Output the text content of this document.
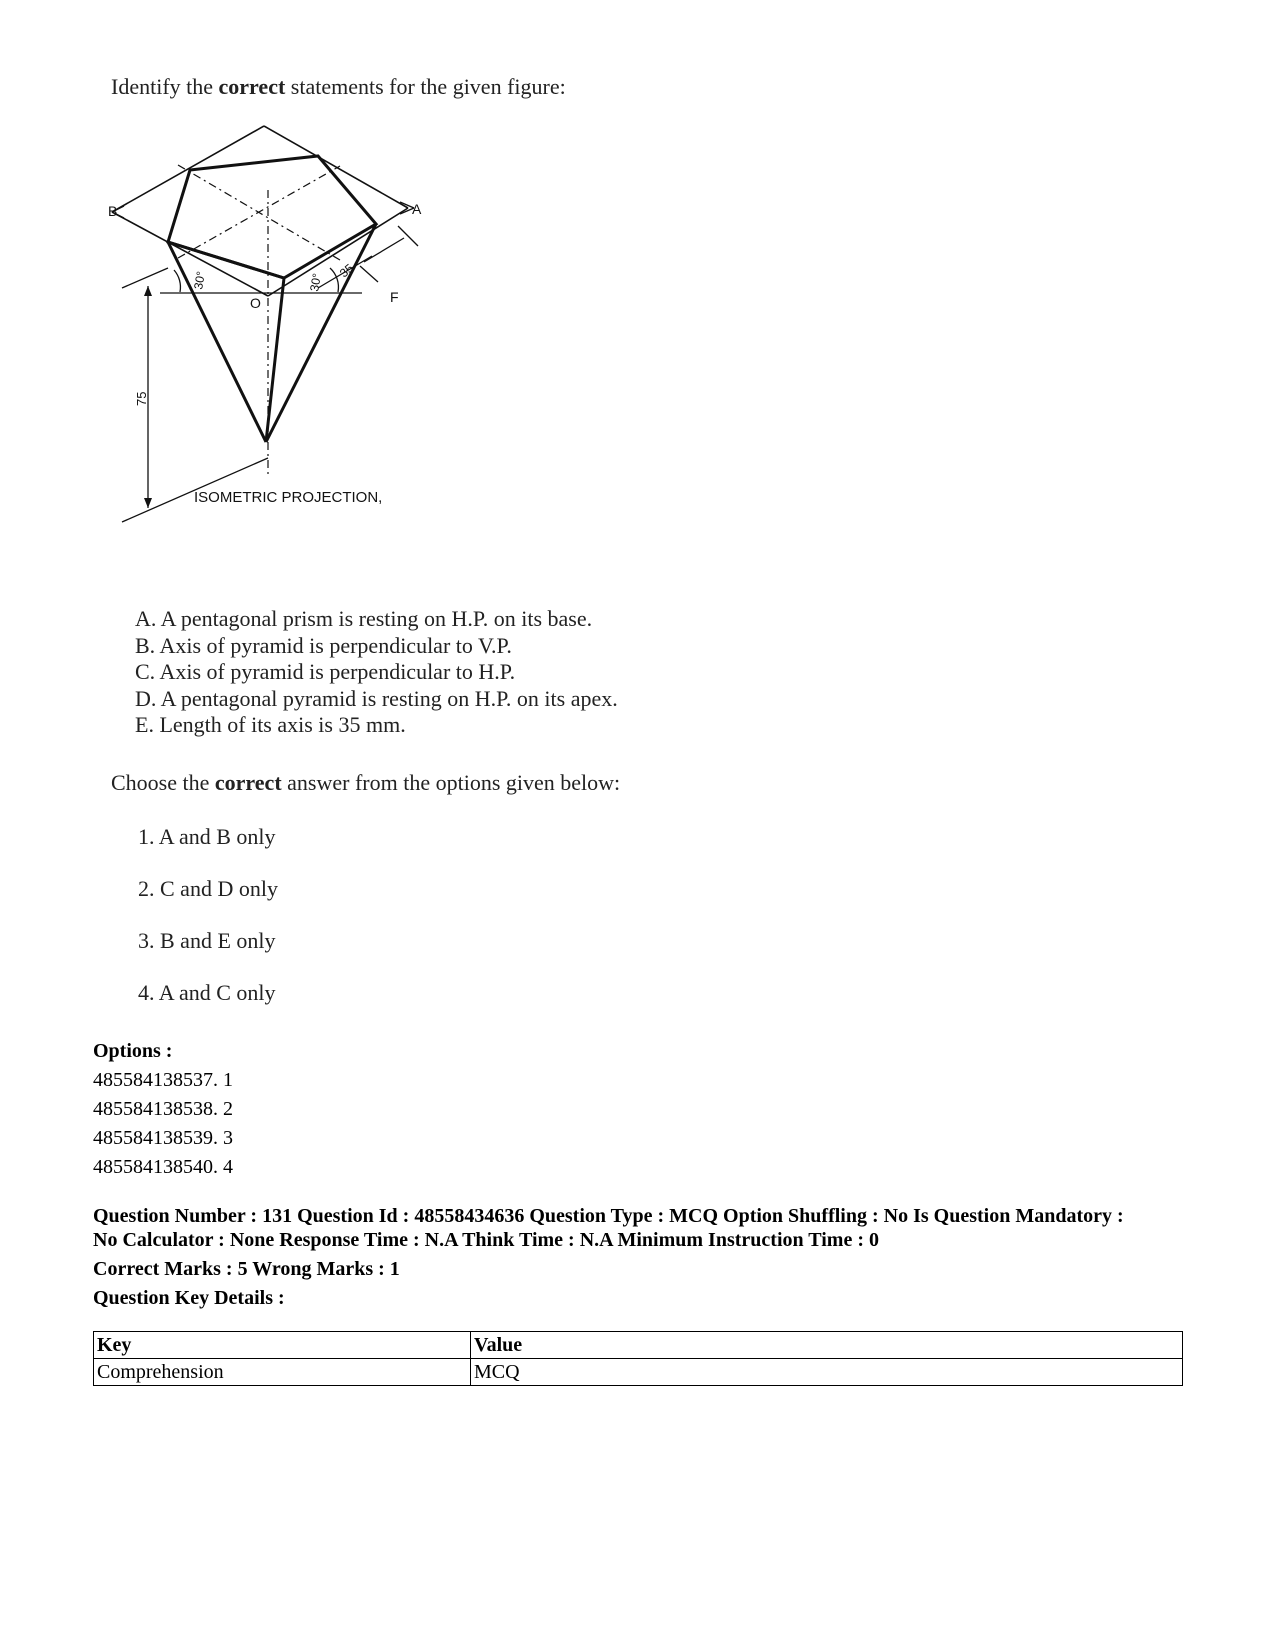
Identify the correct statements for the given figure:
B	A
F
O
30°	30°
35
75
ISOMETRIC PROJECTION,
A. A pentagonal prism is resting on H.P. on its base.
B. Axis of pyramid is perpendicular to V.P.
C. Axis of pyramid is perpendicular to H.P.
D. A pentagonal pyramid is resting on H.P. on its apex.
E. Length of its axis is 35 mm.
Choose the correct answer from the options given below:
1. A and B only
2. C and D only
3. B and E only
4. A and C only
Options :
485584138537. 1
485584138538. 2
485584138539. 3
485584138540. 4
Question Number : 131 Question Id : 48558434636 Question Type : MCQ Option Shuffling : No Is Question Mandatory :
No Calculator : None Response Time : N.A Think Time : N.A Minimum Instruction Time : 0
Correct Marks : 5 Wrong Marks : 1
Question Key Details :
Key	Value
Comprehension	MCQ
